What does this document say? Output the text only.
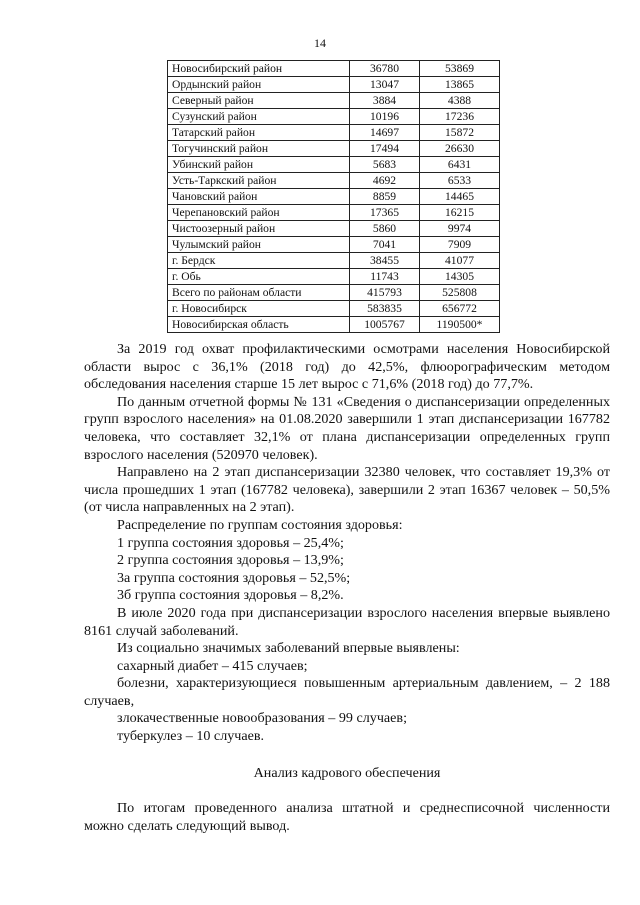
14
Новосибирский район	36780	53869
Ордынский район	13047	13865
Северный район	3884	4388
Сузунский район	10196	17236
Татарский район	14697	15872
Тогучинский район	17494	26630
Убинский район	5683	6431
Усть-Таркский район	4692	6533
Чановский район	8859	14465
Черепановский район	17365	16215
Чистоозерный район	5860	9974
Чулымский район	7041	7909
г. Бердск	38455	41077
г. Обь	11743	14305
Всего по районам области	415793	525808
г. Новосибирск	583835	656772
Новосибирская область	1005767	1190500*

За 2019 год охват профилактическими осмотрами населения Новосибирской области вырос с 36,1% (2018 год) до 42,5%, флюорографическим методом обследования населения старше 15 лет вырос с 71,6% (2018 год) до 77,7%.

По данным отчетной формы № 131 «Сведения о диспансеризации определенных групп взрослого населения» на 01.08.2020 завершили 1 этап диспансеризации 167782 человека, что составляет 32,1% от плана диспансеризации определенных групп взрослого населения (520970 человек).

Направлено на 2 этап диспансеризации 32380 человек, что составляет 19,3% от числа прошедших 1 этап (167782 человека), завершили 2 этап 16367 человек – 50,5% (от числа направленных на 2 этап).

Распределение по группам состояния здоровья:

1 группа состояния здоровья – 25,4%;

2 группа состояния здоровья – 13,9%;

3а группа состояния здоровья – 52,5%;

3б группа состояния здоровья – 8,2%.

В июле 2020 года при диспансеризации взрослого населения впервые выявлено 8161 случай заболеваний.

Из социально значимых заболеваний впервые выявлены:

сахарный диабет – 415 случаев;

болезни, характеризующиеся повышенным артериальным давлением, – 2 188 случаев,

злокачественные новообразования – 99 случаев;

туберкулез – 10 случаев.

Анализ кадрового обеспечения

По итогам проведенного анализа штатной и среднесписочной численности можно сделать следующий вывод.
